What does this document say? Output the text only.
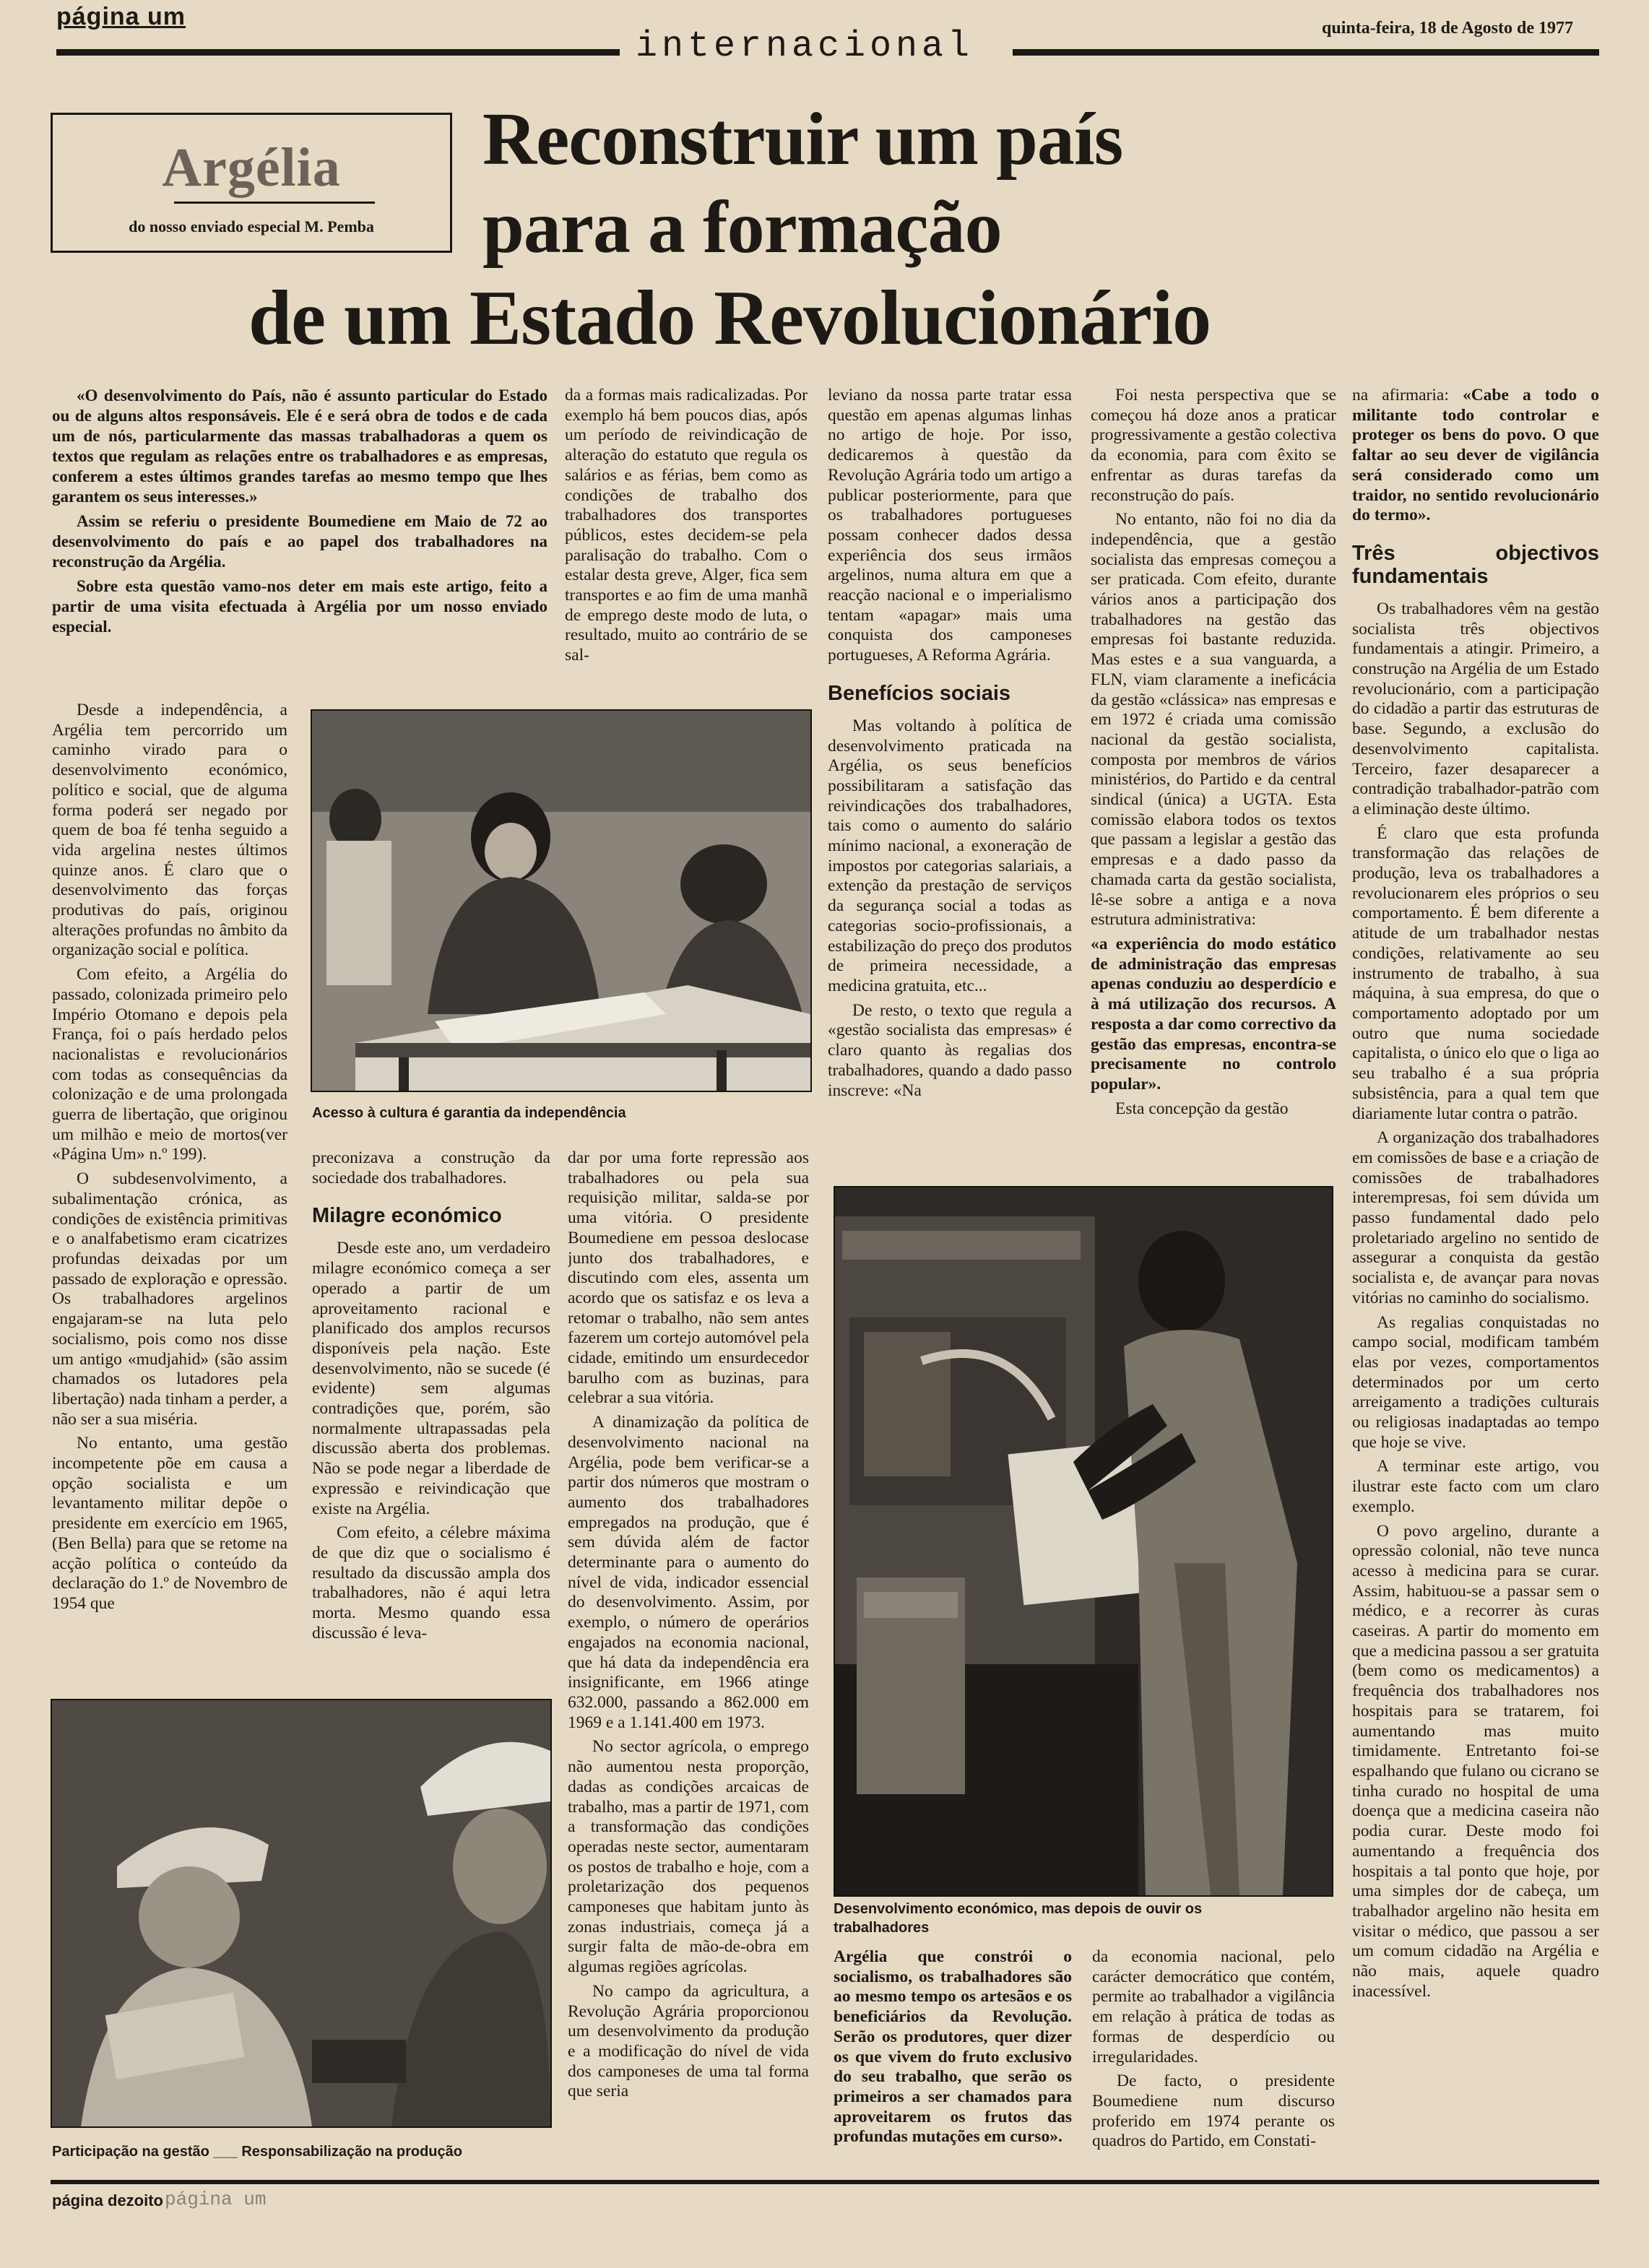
página um
internacional	quinta-feira, 18 de Agosto de 1977
Argélia
do nosso enviado especial M. Pemba
Reconstruir um país
para a formação
de um Estado Revolucionário

«O desenvolvimento do País, não é assunto particular do Estado ou de alguns altos responsáveis. Ele é e será obra de todos e de cada um de nós, particularmente das massas trabalhadoras a quem os textos que regulam as relações entre os trabalhadores e as empresas, conferem a estes últimos grandes tarefas ao mesmo tempo que lhes garantem os seus interesses.»

Assim se referiu o presidente Boumediene em Maio de 72 ao desenvolvimento do país e ao papel dos trabalhadores na reconstrução da Argélia.

Sobre esta questão vamo-nos deter em mais este artigo, feito a partir de uma visita efectuada à Argélia por um nosso enviado especial.

da a formas mais radicalizadas. Por exemplo há bem poucos dias, após um período de reivindicação de alteração do estatuto que regula os salários e as férias, bem como as condições de trabalho dos trabalhadores dos transportes públicos, estes decidem-se pela paralisação do trabalho. Com o estalar desta greve, Alger, fica sem transportes e ao fim de uma manhã de emprego deste modo de luta, o resultado, muito ao contrário de se sal-

leviano da nossa parte tratar essa questão em apenas algumas linhas no artigo de hoje. Por isso, dedicaremos à questão da Revolução Agrária todo um artigo a publicar posteriormente, para que os trabalhadores portugueses possam conhecer dados dessa experiência dos seus irmãos argelinos, numa altura em que a reacção nacional e o imperialismo tentam «apagar» mais uma conquista dos camponeses portugueses, A Reforma Agrária.

Benefícios sociais

Mas voltando à política de desenvolvimento praticada na Argélia, os seus benefícios possibilitaram a satisfação das reivindicações dos trabalhadores, tais como o aumento do salário mínimo nacional, a exoneração de impostos por categorias salariais, a extenção da prestação de serviços da segurança social a todas as categorias socio-profissionais, a estabilização do preço dos produtos de primeira necessidade, a medicina gratuita, etc...

De resto, o texto que regula a «gestão socialista das empresas» é claro quanto às regalias dos trabalhadores, quando a dado passo inscreve: «Na

Foi nesta perspectiva que se começou há doze anos a praticar progressivamente a gestão colectiva da economia, para com êxito se enfrentar as duras tarefas da reconstrução do país.

No entanto, não foi no dia da independência, que a gestão socialista das empresas começou a ser praticada. Com efeito, durante vários anos a participação dos trabalhadores na gestão das empresas foi bastante reduzida. Mas estes e a sua vanguarda, a FLN, viam claramente a ineficácia da gestão «clássica» nas empresas e em 1972 é criada uma comissão nacional da gestão socialista, composta por membros de vários ministérios, do Partido e da central sindical (única) a UGTA. Esta comissão elabora todos os textos que passam a legislar a gestão das empresas e a dado passo da chamada carta da gestão socialista, lê-se sobre a antiga e a nova estrutura administrativa:

«a experiência do modo estático de administração das empresas apenas conduziu ao desperdício e à má utilização dos recursos. A resposta a dar como correctivo da gestão das empresas, encontra-se precisamente no controlo popular».

Esta concepção da gestão

na afirmaria: «Cabe a todo o militante todo controlar e proteger os bens do povo. O que faltar ao seu dever de vigilância será considerado como um traidor, no sentido revolucionário do termo».

Três objectivos fundamentais

Os trabalhadores vêm na gestão socialista três objectivos fundamentais a atingir. Primeiro, a construção na Argélia de um Estado revolucionário, com a participação do cidadão a partir das estruturas de base. Segundo, a exclusão do desenvolvimento capitalista. Terceiro, fazer desaparecer a contradição trabalhador-patrão com a eliminação deste último.

É claro que esta profunda transformação das relações de produção, leva os trabalhadores a revolucionarem eles próprios o seu comportamento. É bem diferente a atitude de um trabalhador nestas condições, relativamente ao seu instrumento de trabalho, à sua máquina, à sua empresa, do que o comportamento adoptado por um outro que numa sociedade capitalista, o único elo que o liga ao seu trabalho é a sua própria subsistência, para a qual tem que diariamente lutar contra o patrão.

A organização dos trabalhadores em comissões de base e a criação de comissões de trabalhadores interempresas, foi sem dúvida um passo fundamental dado pelo proletariado argelino no sentido de assegurar a conquista da gestão socialista e, de avançar para novas vitórias no caminho do socialismo.

As regalias conquistadas no campo social, modificam também elas por vezes, comportamentos determinados por um certo arreigamento a tradições culturais ou religiosas inadaptadas ao tempo que hoje se vive.

A terminar este artigo, vou ilustrar este facto com um claro exemplo.

O povo argelino, durante a opressão colonial, não teve nunca acesso à medicina para se curar. Assim, habituou-se a passar sem o médico, e a recorrer às curas caseiras. A partir do momento em que a medicina passou a ser gratuita (bem como os medicamentos) a frequência dos trabalhadores nos hospitais para se tratarem, foi aumentando mas muito timidamente. Entretanto foi-se espalhando que fulano ou cicrano se tinha curado no hospital de uma doença que a medicina caseira não podia curar. Deste modo foi aumentando a frequência dos hospitais a tal ponto que hoje, por uma simples dor de cabeça, um trabalhador argelino não hesita em visitar o médico, que passou a ser um comum cidadão na Argélia e não mais, aquele quadro inacessível.

Desde a independência, a Argélia tem percorrido um caminho virado para o desenvolvimento económico, político e social, que de alguma forma poderá ser negado por quem de boa fé tenha seguido a vida argelina nestes últimos quinze anos. É claro que o desenvolvimento das forças produtivas do país, originou alterações profundas no âmbito da organização social e política.

Com efeito, a Argélia do passado, colonizada primeiro pelo Império Otomano e depois pela França, foi o país herdado pelos nacionalistas e revolucionários com todas as consequências da colonização e de uma prolongada guerra de libertação, que originou um milhão e meio de mortos(ver «Página Um» n.º 199).

O subdesenvolvimento, a subalimentação crónica, as condições de existência primitivas e o analfabetismo eram cicatrizes profundas deixadas por um passado de exploração e opressão. Os trabalhadores argelinos engajaram-se na luta pelo socialismo, pois como nos disse um antigo «mudjahid» (são assim chamados os lutadores pela libertação) nada tinham a perder, a não ser a sua miséria.

No entanto, uma gestão incompetente põe em causa a opção socialista e um levantamento militar depõe o presidente em exercício em 1965, (Ben Bella) para que se retome na acção política o conteúdo da declaração do 1.º de Novembro de 1954 que

Acesso à cultura é garantia da independência

preconizava a construção da sociedade dos trabalhadores.

Milagre económico

Desde este ano, um verdadeiro milagre económico começa a ser operado a partir de um aproveitamento racional e planificado dos amplos recursos disponíveis pela nação. Este desenvolvimento, não se sucede (é evidente) sem algumas contradições que, porém, são normalmente ultrapassadas pela discussão aberta dos problemas. Não se pode negar a liberdade de expressão e reivindicação que existe na Argélia.

Com efeito, a célebre máxima de que diz que o socialismo é resultado da discussão ampla dos trabalhadores, não é aqui letra morta. Mesmo quando essa discussão é leva-

dar por uma forte repressão aos trabalhadores ou pela sua requisição militar, salda-se por uma vitória. O presidente Boumediene em pessoa deslocase junto dos trabalhadores, e discutindo com eles, assenta um acordo que os satisfaz e os leva a retomar o trabalho, não sem antes fazerem um cortejo automóvel pela cidade, emitindo um ensurdecedor barulho com as buzinas, para celebrar a sua vitória.

A dinamização da política de desenvolvimento nacional na Argélia, pode bem verificar-se a partir dos números que mostram o aumento dos trabalhadores empregados na produção, que é sem dúvida além de factor determinante para o aumento do nível de vida, indicador essencial do desenvolvimento. Assim, por exemplo, o número de operários engajados na economia nacional, que há data da independência era insignificante, em 1966 atinge 632.000, passando a 862.000 em 1969 e a 1.141.400 em 1973.

No sector agrícola, o emprego não aumentou nesta proporção, dadas as condições arcaicas de trabalho, mas a partir de 1971, com a transformação das condições operadas neste sector, aumentaram os postos de trabalho e hoje, com a proletarização dos pequenos camponeses que habitam junto às zonas industriais, começa já a surgir falta de mão-de-obra em algumas regiões agrícolas.

No campo da agricultura, a Revolução Agrária proporcionou um desenvolvimento da produção e a modificação do nível de vida dos camponeses de uma tal forma que seria

Desenvolvimento económico, mas depois de ouvir os trabalhadores

Argélia que constrói o socialismo, os trabalhadores são ao mesmo tempo os artesãos e os beneficiários da Revolução. Serão os produtores, quer dizer os que vivem do fruto exclusivo do seu trabalho, que serão os primeiros a ser chamados para aproveitarem os frutos das profundas mutações em curso».

da economia nacional, pelo carácter democrático que contém, permite ao trabalhador a vigilância em relação à prática de todas as formas de desperdício ou irregularidades.

De facto, o presidente Boumediene num discurso proferido em 1974 perante os quadros do Partido, em Constati-

Participação na gestão ___ Responsabilização na produção
página dezoito página um
